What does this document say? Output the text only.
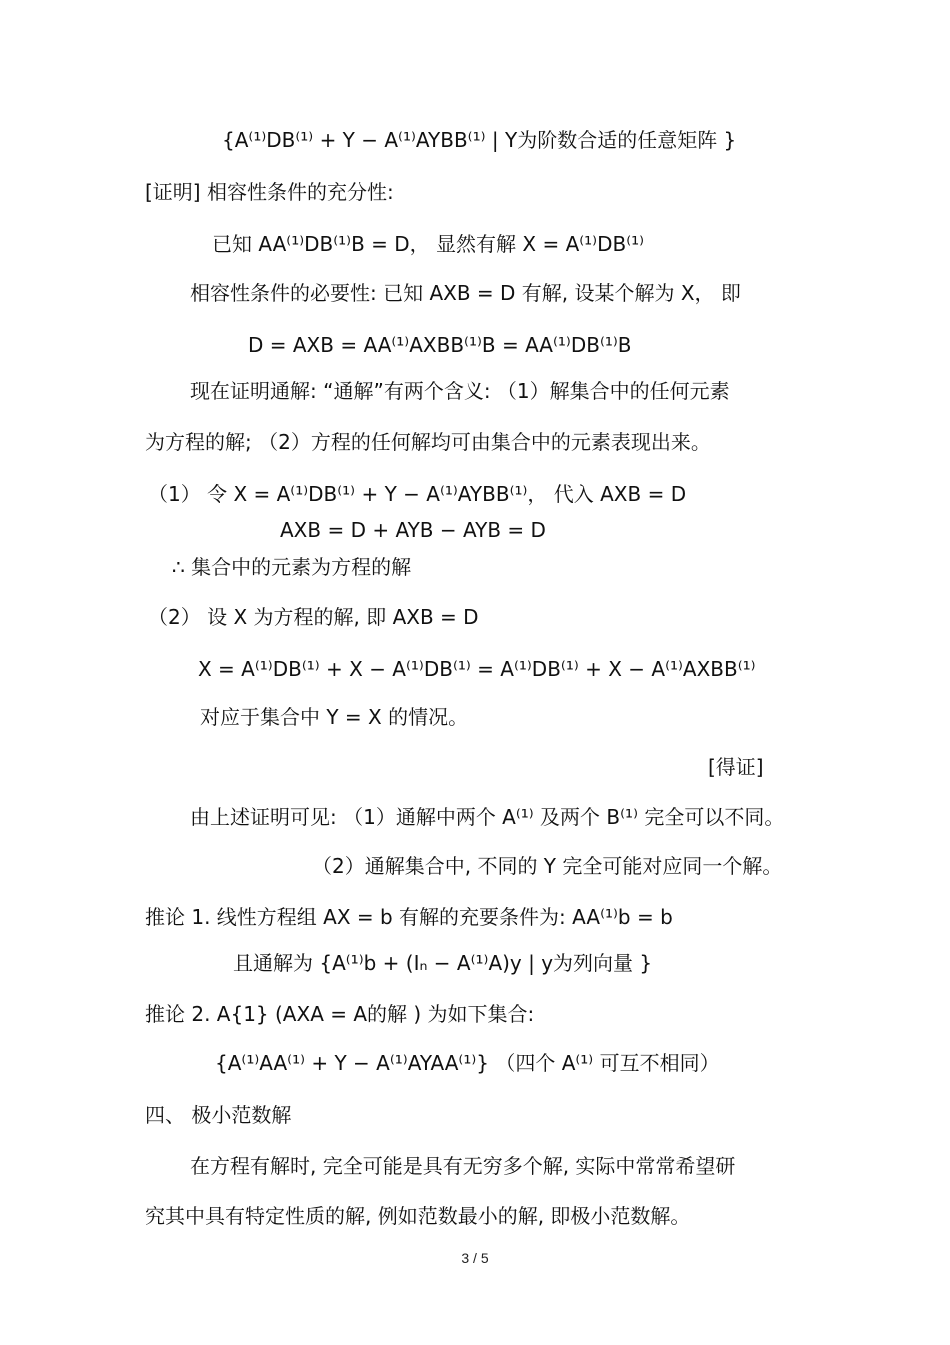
{A⁽¹⁾DB⁽¹⁾ + Y − A⁽¹⁾AYBB⁽¹⁾ | Y为阶数合适的任意矩阵 }
[证明] 相容性条件的充分性:
已知 AA⁽¹⁾DB⁽¹⁾B = D， 显然有解 X = A⁽¹⁾DB⁽¹⁾
相容性条件的必要性: 已知 AXB = D 有解, 设某个解为 X， 即
D = AXB = AA⁽¹⁾AXBB⁽¹⁾B = AA⁽¹⁾DB⁽¹⁾B
现在证明通解: “通解”有两个含义: （1）解集合中的任何元素
为方程的解; （2）方程的任何解均可由集合中的元素表现出来。
（1） 令 X = A⁽¹⁾DB⁽¹⁾ + Y − A⁽¹⁾AYBB⁽¹⁾， 代入 AXB = D
AXB = D + AYB − AYB = D
∴ 集合中的元素为方程的解
（2） 设 X 为方程的解, 即 AXB = D
X = A⁽¹⁾DB⁽¹⁾ + X − A⁽¹⁾DB⁽¹⁾ = A⁽¹⁾DB⁽¹⁾ + X − A⁽¹⁾AXBB⁽¹⁾
对应于集合中 Y = X 的情况。
[得证]
由上述证明可见: （1）通解中两个 A⁽¹⁾ 及两个 B⁽¹⁾ 完全可以不同。
（2）通解集合中, 不同的 Y 完全可能对应同一个解。
推论 1. 线性方程组 AX = b 有解的充要条件为: AA⁽¹⁾b = b
且通解为 {A⁽¹⁾b + (Iₙ − A⁽¹⁾A)y | y为列向量 }
推论 2. A{1} (AXA = A的解 ) 为如下集合:
{A⁽¹⁾AA⁽¹⁾ + Y − A⁽¹⁾AYAA⁽¹⁾} （四个 A⁽¹⁾ 可互不相同）
四、 极小范数解
在方程有解时, 完全可能是具有无穷多个解, 实际中常常希望研
究其中具有特定性质的解, 例如范数最小的解, 即极小范数解。
3 / 5
